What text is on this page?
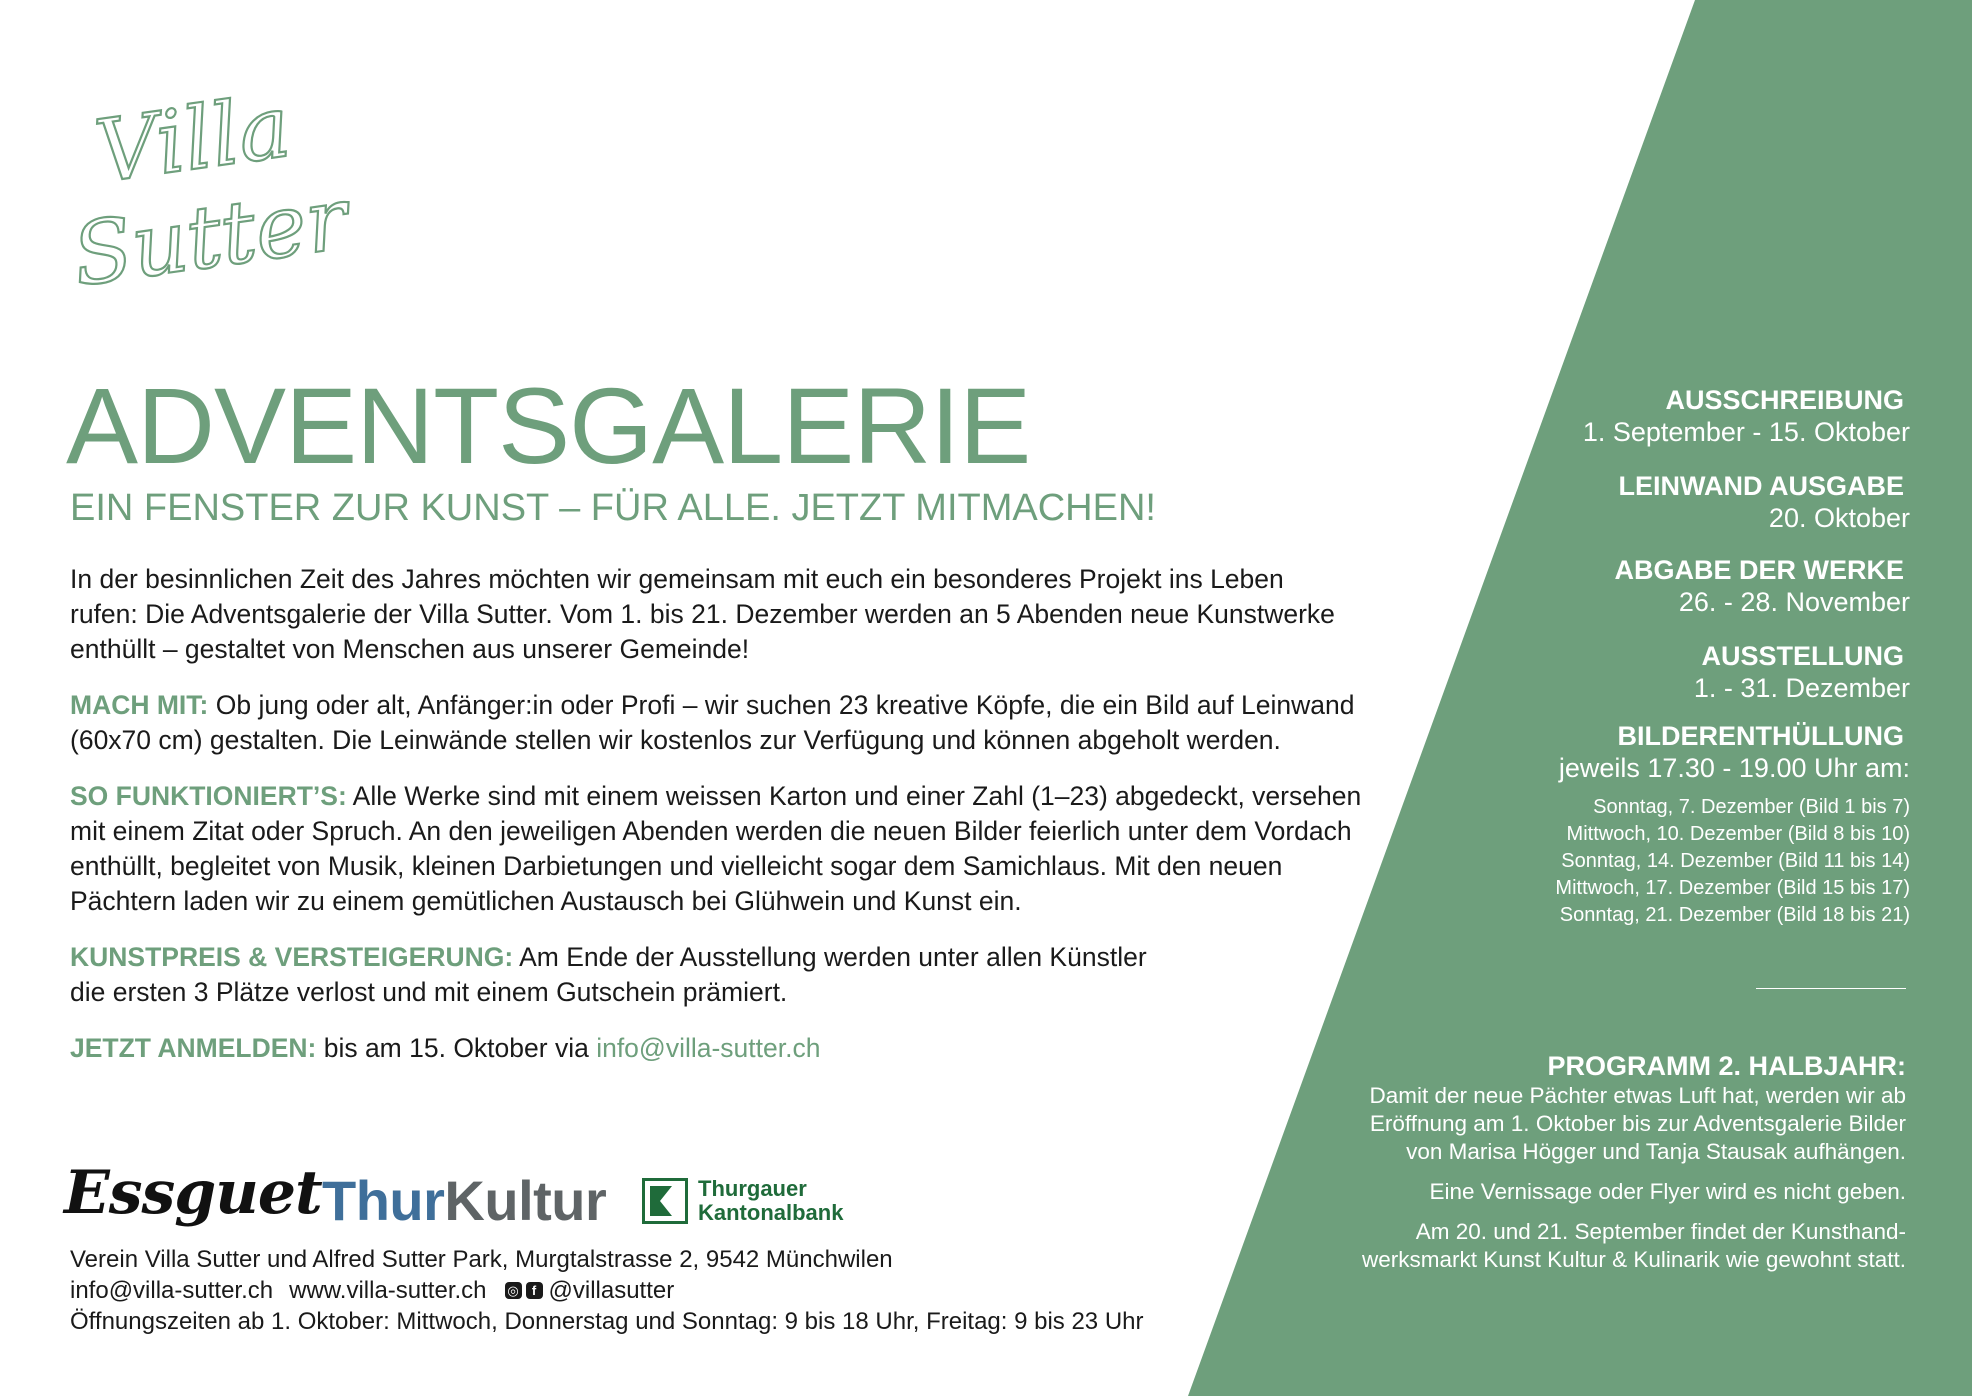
Villa
Sutter
ADVENTSGALERIE
EIN FENSTER ZUR KUNST – FÜR ALLE. JETZT MITMACHEN!

In der besinnlichen Zeit des Jahres möchten wir gemeinsam mit euch ein besonderes Projekt ins Leben rufen: Die Adventsgalerie der Villa Sutter. Vom 1. bis 21. Dezember werden an 5 Abenden neue Kunstwerke enthüllt – gestaltet von Menschen aus unserer Gemeinde!

MACH MIT: Ob jung oder alt, Anfänger:in oder Profi – wir suchen 23 kreative Köpfe, die ein Bild auf Leinwand (60x70 cm) gestalten. Die Leinwände stellen wir kostenlos zur Verfügung und können abgeholt werden.

SO FUNKTIONIERT’S: Alle Werke sind mit einem weissen Karton und einer Zahl (1–23) abgedeckt, versehen mit einem Zitat oder Spruch. An den jeweiligen Abenden werden die neuen Bilder feierlich unter dem Vordach enthüllt, begleitet von Musik, kleinen Darbietungen und vielleicht sogar dem Samichlaus. Mit den neuen Pächtern laden wir zu einem gemütlichen Austausch bei Glühwein und Kunst ein.

KUNSTPREIS & VERSTEIGERUNG: Am Ende der Ausstellung werden unter allen Künstler
die ersten 3 Plätze verlost und mit einem Gutschein prämiert.

JETZT ANMELDEN: bis am 15. Oktober via info@villa-sutter.ch

Essguet ThurKultur	Thurgauer
Kantonalbank
Verein Villa Sutter und Alfred Sutter Park, Murgtalstrasse 2, 9542 Münchwilen
info@villa-sutter.ch www.villa-sutter.ch ◎	f @villasutter
Öffnungszeiten ab 1. Oktober: Mittwoch, Donnerstag und Sonntag: 9 bis 18 Uhr, Freitag: 9 bis 23 Uhr
AUSSCHREIBUNG
1. September - 15. Oktober
LEINWAND AUSGABE
20. Oktober
ABGABE DER WERKE
26. - 28. November
AUSSTELLUNG
1. - 31. Dezember
BILDERENTHÜLLUNG
jeweils 17.30 - 19.00 Uhr am:
Sonntag, 7. Dezember (Bild 1 bis 7)
Mittwoch, 10. Dezember (Bild 8 bis 10)
Sonntag, 14. Dezember (Bild 11 bis 14)
Mittwoch, 17. Dezember (Bild 15 bis 17)
Sonntag, 21. Dezember (Bild 18 bis 21)
PROGRAMM 2. HALBJAHR:

Damit der neue Pächter etwas Luft hat, werden wir ab
Eröffnung am 1. Oktober bis zur Adventsgalerie Bilder
von Marisa Högger und Tanja Stausak aufhängen.

Eine Vernissage oder Flyer wird es nicht geben.

Am 20. und 21. September findet der Kunsthand-
werksmarkt Kunst Kultur & Kulinarik wie gewohnt statt.
